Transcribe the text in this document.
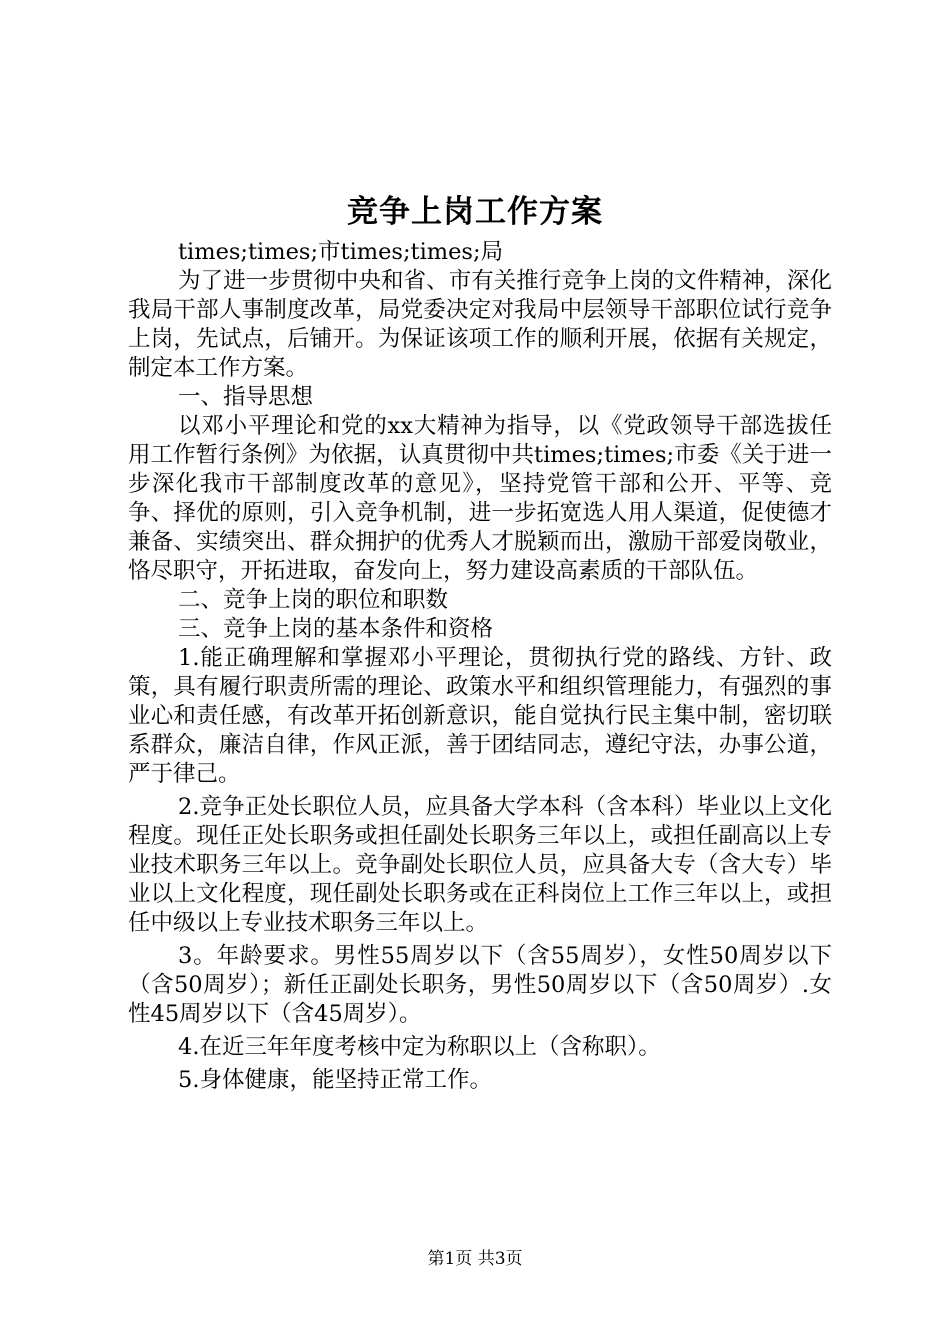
竞争上岗工作方案

times;times;市times;times;局

为了进一步贯彻中央和省、市有关推行竞争上岗的文件精神，深化我局干部人事制度改革，局党委决定对我局中层领导干部职位试行竞争上岗，先试点，后铺开。为保证该项工作的顺利开展，依据有关规定，制定本工作方案。

一、指导思想

以邓小平理论和党的xx大精神为指导，以《党政领导干部选拔任用工作暂行条例》为依据，认真贯彻中共times;times;市委《关于进一步深化我市干部制度改革的意见》，坚持党管干部和公开、平等、竞争、择优的原则，引入竞争机制，进一步拓宽选人用人渠道，促使德才兼备、实绩突出、群众拥护的优秀人才脱颖而出，激励干部爱岗敬业，恪尽职守，开拓进取，奋发向上，努力建设高素质的干部队伍。

二、竞争上岗的职位和职数

三、竞争上岗的基本条件和资格

1.能正确理解和掌握邓小平理论，贯彻执行党的路线、方针、政策，具有履行职责所需的理论、政策水平和组织管理能力，有强烈的事业心和责任感，有改革开拓创新意识，能自觉执行民主集中制，密切联系群众，廉洁自律，作风正派，善于团结同志，遵纪守法，办事公道，严于律己。

2.竞争正处长职位人员，应具备大学本科（含本科）毕业以上文化程度。现任正处长职务或担任副处长职务三年以上，或担任副高以上专业技术职务三年以上。竞争副处长职位人员，应具备大专（含大专）毕业以上文化程度，现任副处长职务或在正科岗位上工作三年以上，或担任中级以上专业技术职务三年以上。

3。年龄要求。男性55周岁以下（含55周岁），女性50周岁以下（含50周岁）；新任正副处长职务，男性50周岁以下（含50周岁）.女性45周岁以下（含45周岁）。

4.在近三年年度考核中定为称职以上（含称职）。

5.身体健康，能坚持正常工作。

第1页 共3页
